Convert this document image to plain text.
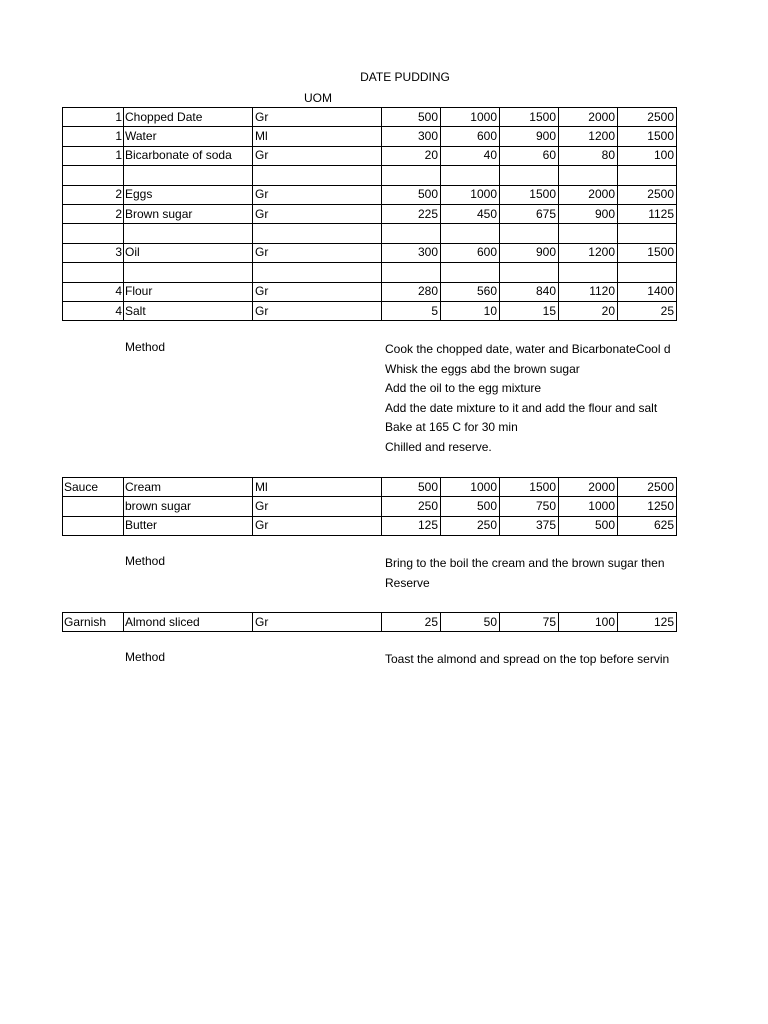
DATE PUDDING
UOM
1	Chopped Date	Gr	500	1000	1500	2000	2500
1	Water	Ml	300	600	900	1200	1500
1	Bicarbonate of soda	Gr	20	40	60	80	100

2	Eggs	Gr	500	1000	1500	2000	2500
2	Brown sugar	Gr	225	450	675	900	1125

3	Oil	Gr	300	600	900	1200	1500

4	Flour	Gr	280	560	840	1120	1400
4	Salt	Gr	5	10	15	20	25
Method	Cook the chopped date, water and BicarbonateCool d
Whisk the eggs abd the brown sugar
Add the oil to the egg mixture
Add the date mixture to it and add the flour and salt
Bake at 165 C for 30 min
Chilled and reserve.
Sauce	Cream	Ml	500	1000	1500	2000	2500
	brown sugar	Gr	250	500	750	1000	1250
	Butter	Gr	125	250	375	500	625
Method	Bring to the boil the cream and the brown sugar then
Reserve
Garnish	Almond sliced	Gr	25	50	75	100	125
Method	Toast the almond and spread on the top before servin
